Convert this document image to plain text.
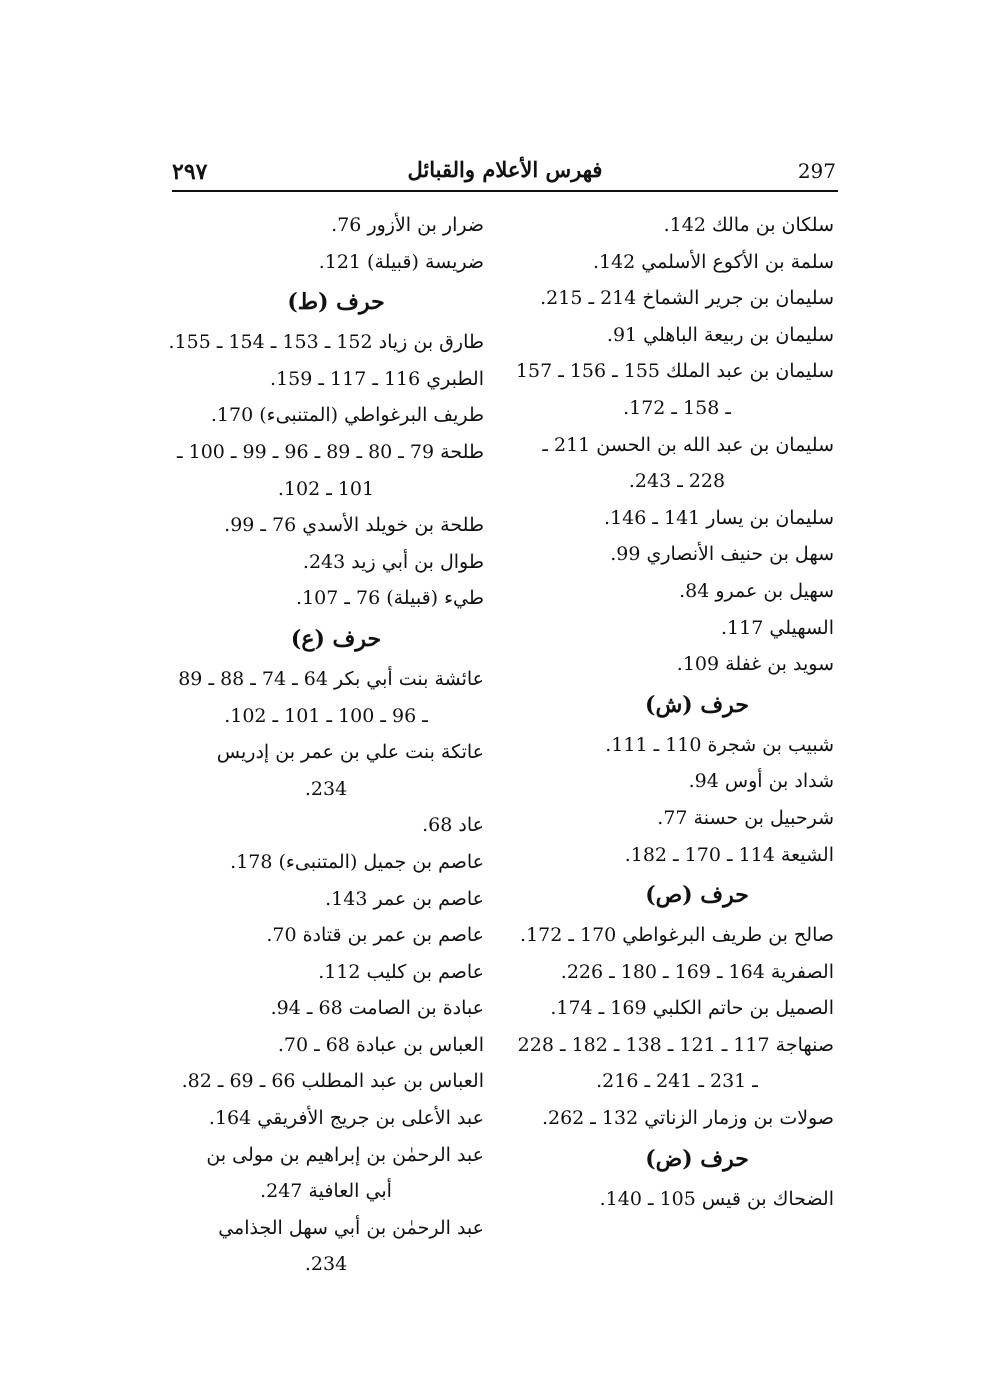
٢٩٧	فهرس الأعلام والقبائل	297
سلكان بن مالك 142.
سلمة بن الأكوع الأسلمي 142.
سليمان بن جرير الشماخ 214 ـ 215.
سليمان بن ربيعة الباهلي 91.
سليمان بن عبد الملك 155 ـ 156 ـ 157
ـ 158 ـ 172.
سليمان بن عبد الله بن الحسن 211 ـ
228 ـ 243.
سليمان بن يسار 141 ـ 146.
سهل بن حنيف الأنصاري 99.
سهيل بن عمرو 84.
السهيلي 117.
سويد بن غفلة 109.
حرف (ش)
شبيب بن شجرة 110 ـ 111.
شداد بن أوس 94.
شرحبيل بن حسنة 77.
الشيعة 114 ـ 170 ـ 182.
حرف (ص)
صالح بن طريف البرغواطي 170 ـ 172.
الصفرية 164 ـ 169 ـ 180 ـ 226.
الصميل بن حاتم الكلبي 169 ـ 174.
صنهاجة 117 ـ 121 ـ 138 ـ 182 ـ 228
ـ 231 ـ 241 ـ 216.
صولات بن وزمار الزناتي 132 ـ 262.
حرف (ض)
الضحاك بن قيس 105 ـ 140.
ضرار بن الأزور 76.
ضريسة (قبيلة) 121.
حرف (ط)
طارق بن زياد 152 ـ 153 ـ 154 ـ 155.
الطبري 116 ـ 117 ـ 159.
طريف البرغواطي (المتنبىء) 170.
طلحة 79 ـ 80 ـ 89 ـ 96 ـ 99 ـ 100 ـ
101 ـ 102.
طلحة بن خويلد الأسدي 76 ـ 99.
طوال بن أبي زيد 243.
طيء (قبيلة) 76 ـ 107.
حرف (ع)
عائشة بنت أبي بكر 64 ـ 74 ـ 88 ـ 89
ـ 96 ـ 100 ـ 101 ـ 102.
عاتكة بنت علي بن عمر بن إدريس
234.
عاد 68.
عاصم بن جميل (المتنبىء) 178.
عاصم بن عمر 143.
عاصم بن عمر بن قتادة 70.
عاصم بن كليب 112.
عبادة بن الصامت 68 ـ 94.
العباس بن عبادة 68 ـ 70.
العباس بن عبد المطلب 66 ـ 69 ـ 82.
عبد الأعلى بن جريج الأفريقي 164.
عبد الرحمٰن بن إبراهيم بن مولى بن
أبي العافية 247.
عبد الرحمٰن بن أبي سهل الجذامي
234.
